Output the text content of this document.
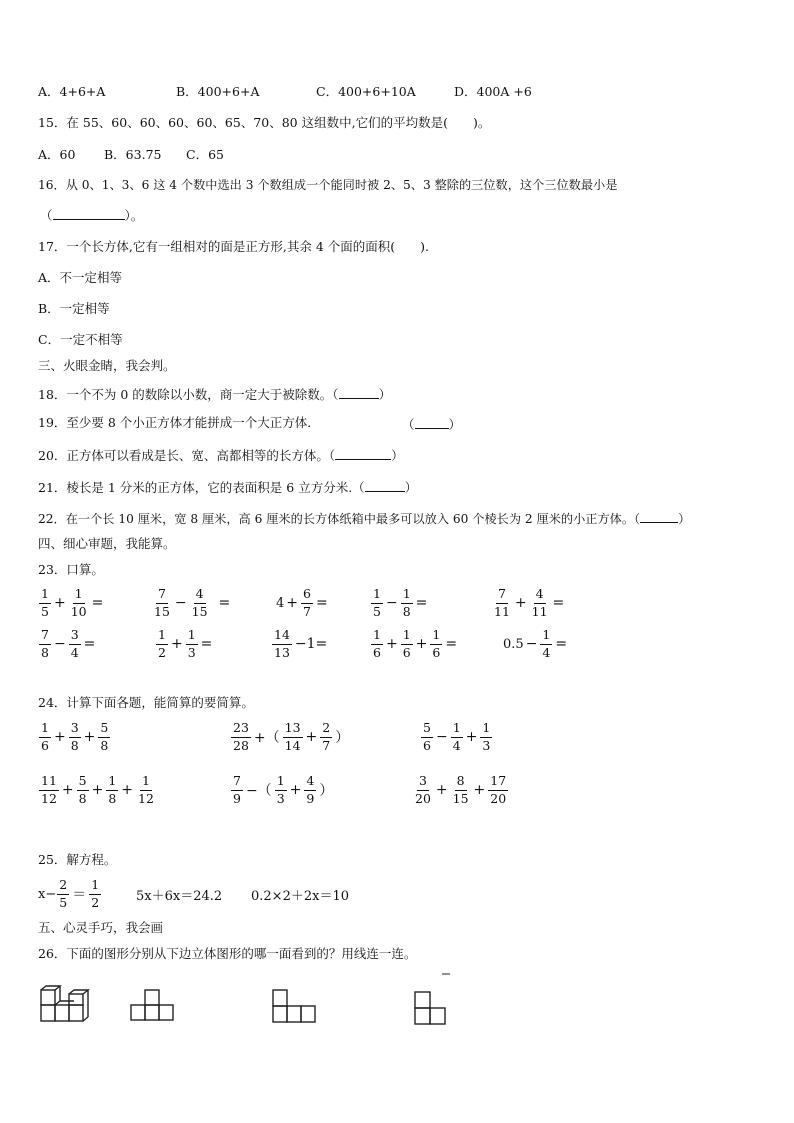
A．4+6+A	B．400+6+A	C．400+6+10A	D．400A +6
15．在 55、60、60、60、60、65、70、80 这组数中,它们的平均数是(　　)。
A．60 B．63.75 C．65
16．从 0、1、3、6 这 4 个数中选出 3 个数组成一个能同时被 2、5、3 整除的三位数，这个三位数最小是
（	）。
17．一个长方体,它有一组相对的面是正方形,其余 4 个面的面积(　　).
A．不一定相等
B．一定相等
C．一定不相等
三、火眼金睛，我会判。
18．一个不为 0 的数除以小数，商一定大于被除数。（	）
19．至少要 8 个小正方体才能拼成一个大正方体.	（	）
20．正方体可以看成是长、宽、高都相等的长方体。（	）
21．棱长是 1 分米的正方体，它的表面积是 6 立方分米.（	）
22．在一个长 10 厘米，宽 8 厘米，高 6 厘米的长方体纸箱中最多可以放入 60 个棱长为 2 厘米的小正方体。（	）
四、细心审题，我能算。
23．口算。
$\frac{1}{5} + \frac{1}{10}$ =	$\frac{7}{15} - \frac{4}{15}$ =	$4 + \frac{6}{7}$ =	$\frac{1}{5} - \frac{1}{8}$ =	$\frac{7}{11} + \frac{4}{11}$ =
$\frac{7}{8} - \frac{3}{4}$ =	$\frac{1}{2} + \frac{1}{3}$ =	$\frac{14}{13} -1=$	$\frac{1}{6} + \frac{1}{6} + \frac{1}{6}$ =	$0.5 - \frac{1}{4}$ =
24．计算下面各题，能简算的要简算。
$\frac{1}{6} + \frac{3}{8} + \frac{5}{8}$	$\frac{23}{28}$ +（ $\frac{13}{14} + \frac{2}{7}$ ）	$\frac{5}{6} - \frac{1}{4} + \frac{1}{3}$
$\frac{11}{12} + \frac{5}{8} + \frac{1}{8} + \frac{1}{12}$	$\frac{7}{9}$ −（ $\frac{1}{3} + \frac{4}{9}$ ）	$\frac{3}{20} + \frac{8}{15} + \frac{17}{20}$
25．解方程。
$x- \frac{2}{5} = \frac{1}{2}$	5x＋6x＝24.2 0.2×2＋2x＝10
五、心灵手巧，我会画
26．下面的图形分别从下边立体图形的哪一面看到的？用线连一连。
